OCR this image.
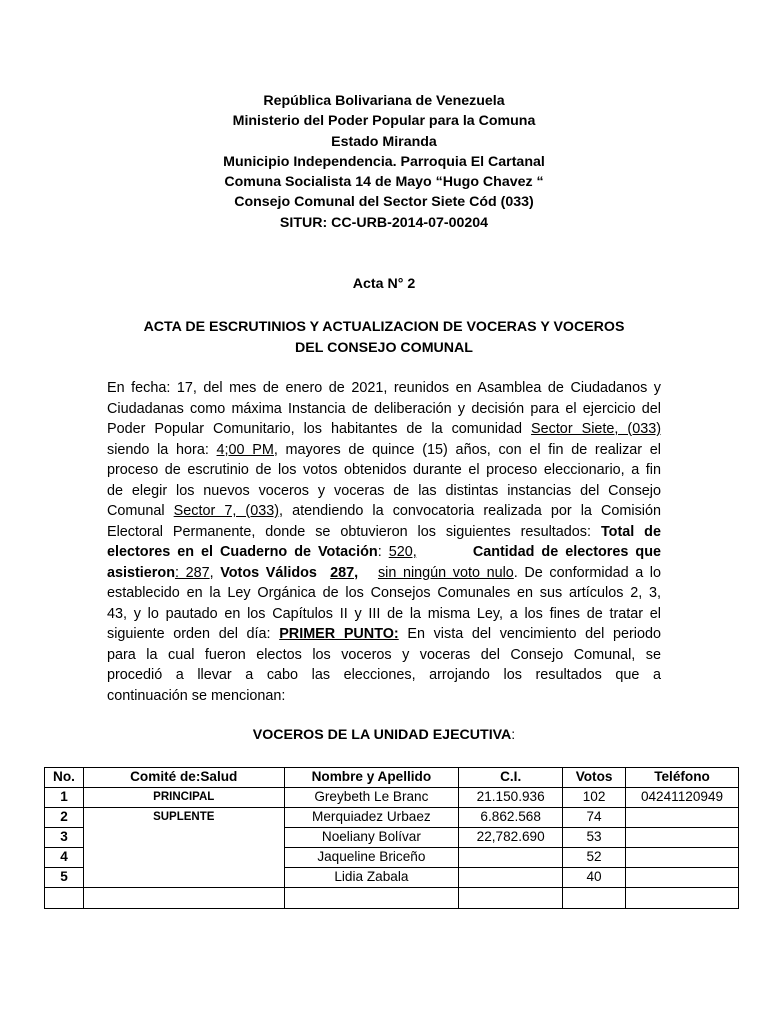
República Bolivariana de Venezuela
Ministerio del Poder Popular para la Comuna
Estado Miranda
Municipio Independencia. Parroquia El Cartanal
Comuna Socialista 14 de Mayo “Hugo Chavez “
Consejo Comunal del Sector Siete Cód (033)
SITUR: CC-URB-2014-07-00204
Acta N° 2
ACTA DE ESCRUTINIOS Y ACTUALIZACION DE VOCERAS Y VOCEROS
DEL CONSEJO COMUNAL
En fecha: 17, del mes de enero de 2021, reunidos en Asamblea de Ciudadanos y
Ciudadanas como máxima Instancia de deliberación y decisión para el ejercicio del
Poder Popular Comunitario, los habitantes de la comunidad Sector Siete, (033)
siendo la hora: 4;00 PM, mayores de quince (15) años, con el fin de realizar el
proceso de escrutinio de los votos obtenidos durante el proceso eleccionario, a fin
de elegir los nuevos voceros y voceras de las distintas instancias del Consejo
Comunal Sector 7, (033), atendiendo la convocatoria realizada por la Comisión
Electoral Permanente, donde se obtuvieron los siguientes resultados: Total de
electores en el Cuaderno de Votación: 520,	Cantidad de electores que
asistieron: 287, Votos Válidos 287, sin ningún voto nulo. De conformidad a lo
establecido en la Ley Orgánica de los Consejos Comunales en sus artículos 2, 3,
43, y lo pautado en los Capítulos II y III de la misma Ley, a los fines de tratar el
siguiente orden del día: PRIMER PUNTO: En vista del vencimiento del periodo
para la cual fueron electos los voceros y voceras del Consejo Comunal, se
procedió a llevar a cabo las elecciones, arrojando los resultados que a
continuación se mencionan:
VOCEROS DE LA UNIDAD EJECUTIVA:
No.	Comité de:Salud	Nombre y Apellido	C.I.	Votos	Teléfono
1	PRINCIPAL	Greybeth Le Branc	21.150.936	102	04241120949
2	SUPLENTE	Merquiadez Urbaez	6.862.568	74	
3		Noeliany Bolívar	22,782.690	53	
4		Jaqueline Briceño		52	
5		Lidia Zabala		40	
